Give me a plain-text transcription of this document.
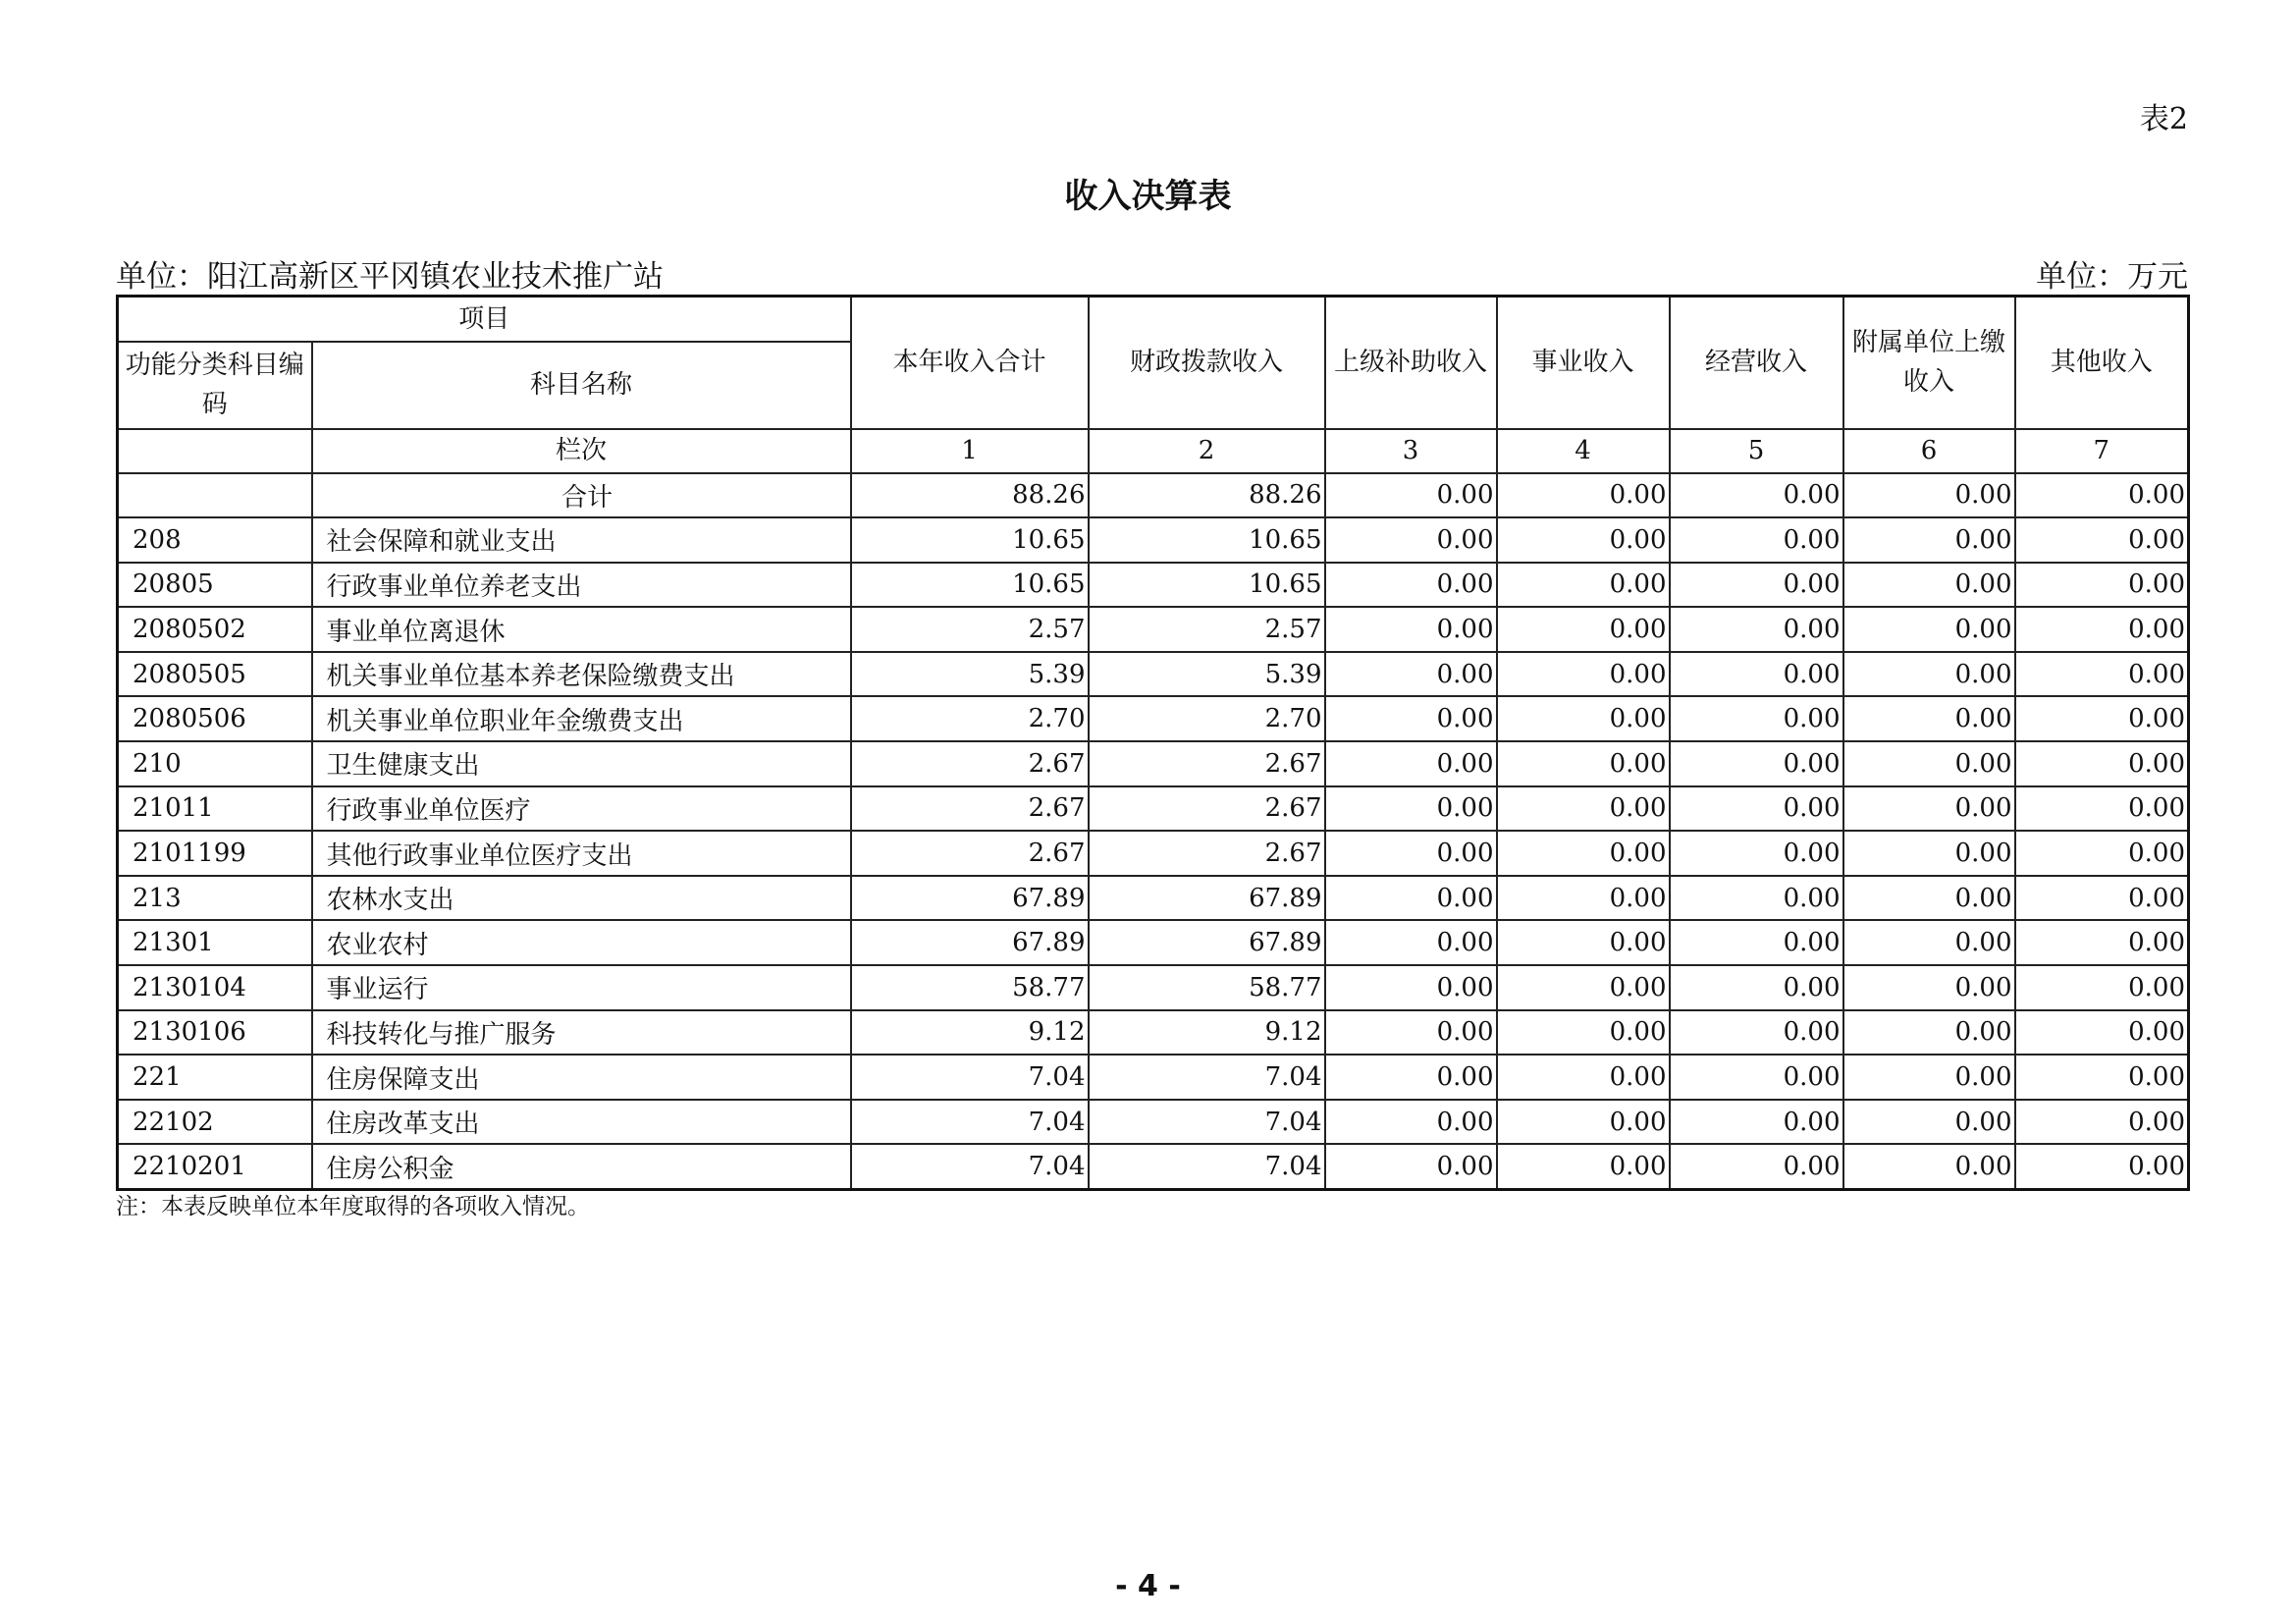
表2
收入决算表
单位：阳江高新区平冈镇农业技术推广站	单位：万元
项目		本年收入合计	财政拨款收入	上级补助收入	事业收入	经营收入	附属单位上缴收入	其他收入
功能分类科目编码	科目名称							
	栏次	1	2	3	4	5	6	7
	合计	88.26	88.26	0.00	0.00	0.00	0.00	0.00
208	社会保障和就业支出	10.65	10.65	0.00	0.00	0.00	0.00	0.00
20805	行政事业单位养老支出	10.65	10.65	0.00	0.00	0.00	0.00	0.00
2080502	事业单位离退休	2.57	2.57	0.00	0.00	0.00	0.00	0.00
2080505	机关事业单位基本养老保险缴费支出	5.39	5.39	0.00	0.00	0.00	0.00	0.00
2080506	机关事业单位职业年金缴费支出	2.70	2.70	0.00	0.00	0.00	0.00	0.00
210	卫生健康支出	2.67	2.67	0.00	0.00	0.00	0.00	0.00
21011	行政事业单位医疗	2.67	2.67	0.00	0.00	0.00	0.00	0.00
2101199	其他行政事业单位医疗支出	2.67	2.67	0.00	0.00	0.00	0.00	0.00
213	农林水支出	67.89	67.89	0.00	0.00	0.00	0.00	0.00
21301	农业农村	67.89	67.89	0.00	0.00	0.00	0.00	0.00
2130104	事业运行	58.77	58.77	0.00	0.00	0.00	0.00	0.00
2130106	科技转化与推广服务	9.12	9.12	0.00	0.00	0.00	0.00	0.00
221	住房保障支出	7.04	7.04	0.00	0.00	0.00	0.00	0.00
22102	住房改革支出	7.04	7.04	0.00	0.00	0.00	0.00	0.00
2210201	住房公积金	7.04	7.04	0.00	0.00	0.00	0.00	0.00
注：本表反映单位本年度取得的各项收入情况。
- 4 -
